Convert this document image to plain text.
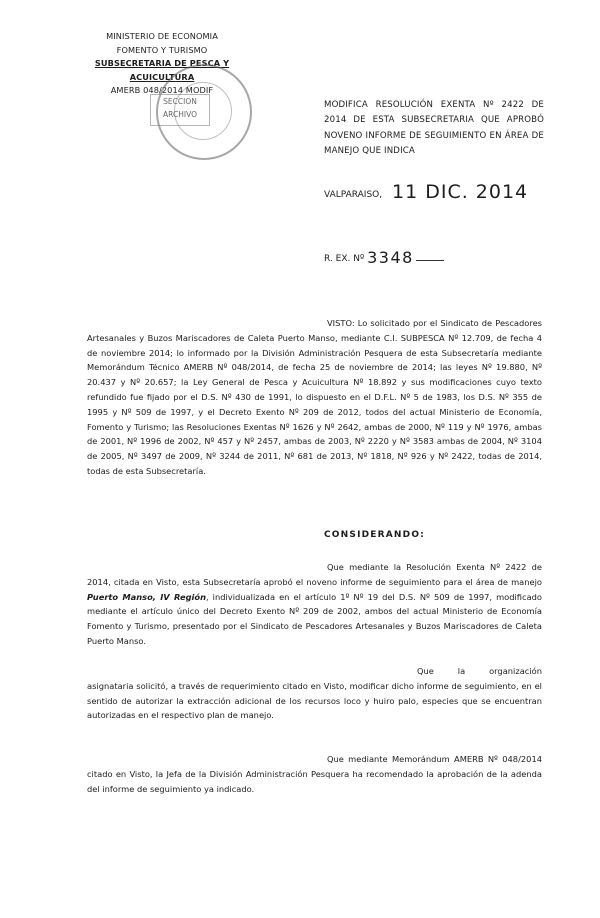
MINISTERIO DE ECONOMIA
FOMENTO Y TURISMO
SUBSECRETARIA DE PESCA Y ACUICULTURA
AMERB 048/2014 MODIF
SECCION
ARCHIVO
MODIFICA RESOLUCIÓN EXENTA Nº 2422 DE 2014 DE ESTA SUBSECRETARIA QUE APROBÓ NOVENO INFORME DE SEGUIMIENTO EN ÁREA DE MANEJO QUE INDICA
VALPARAISO, 11 DIC. 2014
R. EX. Nº 3348
VISTO: Lo solicitado por el Sindicato de Pescadores Artesanales y Buzos Mariscadores de Caleta Puerto Manso, mediante C.I. SUBPESCA Nº 12.709, de fecha 4 de noviembre 2014; lo informado por la División Administración Pesquera de esta Subsecretaría mediante Memorándum Técnico AMERB Nº 048/2014, de fecha 25 de noviembre de 2014; las leyes Nº 19.880, Nº 20.437 y Nº 20.657; la Ley General de Pesca y Acuicultura Nº 18.892 y sus modificaciones cuyo texto refundido fue fijado por el D.S. Nº 430 de 1991, lo dispuesto en el D.F.L. Nº 5 de 1983, los D.S. Nº 355 de 1995 y Nº 509 de 1997, y el Decreto Exento Nº 209 de 2012, todos del actual Ministerio de Economía, Fomento y Turismo; las Resoluciones Exentas Nº 1626 y Nº 2642, ambas de 2000, Nº 119 y Nº 1976, ambas de 2001, Nº 1996 de 2002, Nº 457 y Nº 2457, ambas de 2003, Nº 2220 y Nº 3583 ambas de 2004, Nº 3104 de 2005, Nº 3497 de 2009, Nº 3244 de 2011, Nº 681 de 2013, Nº 1818, Nº 926 y Nº 2422, todas de 2014, todas de esta Subsecretaría.
CONSIDERANDO:
Que mediante la Resolución Exenta Nº 2422 de 2014, citada en Visto, esta Subsecretaría aprobó el noveno informe de seguimiento para el área de manejo Puerto Manso, IV Región, individualizada en el artículo 1º Nº 19 del D.S. Nº 509 de 1997, modificado mediante el artículo único del Decreto Exento Nº 209 de 2002, ambos del actual Ministerio de Economía Fomento y Turismo, presentado por el Sindicato de Pescadores Artesanales y Buzos Mariscadores de Caleta Puerto Manso.
Que la organización asignataria solicitó, a través de requerimiento citado en Visto, modificar dicho informe de seguimiento, en el sentido de autorizar la extracción adicional de los recursos loco y huiro palo, especies que se encuentran autorizadas en el respectivo plan de manejo.
Que mediante Memorándum AMERB Nº 048/2014 citado en Visto, la Jefa de la División Administración Pesquera ha recomendado la aprobación de la adenda del informe de seguimiento ya indicado.
